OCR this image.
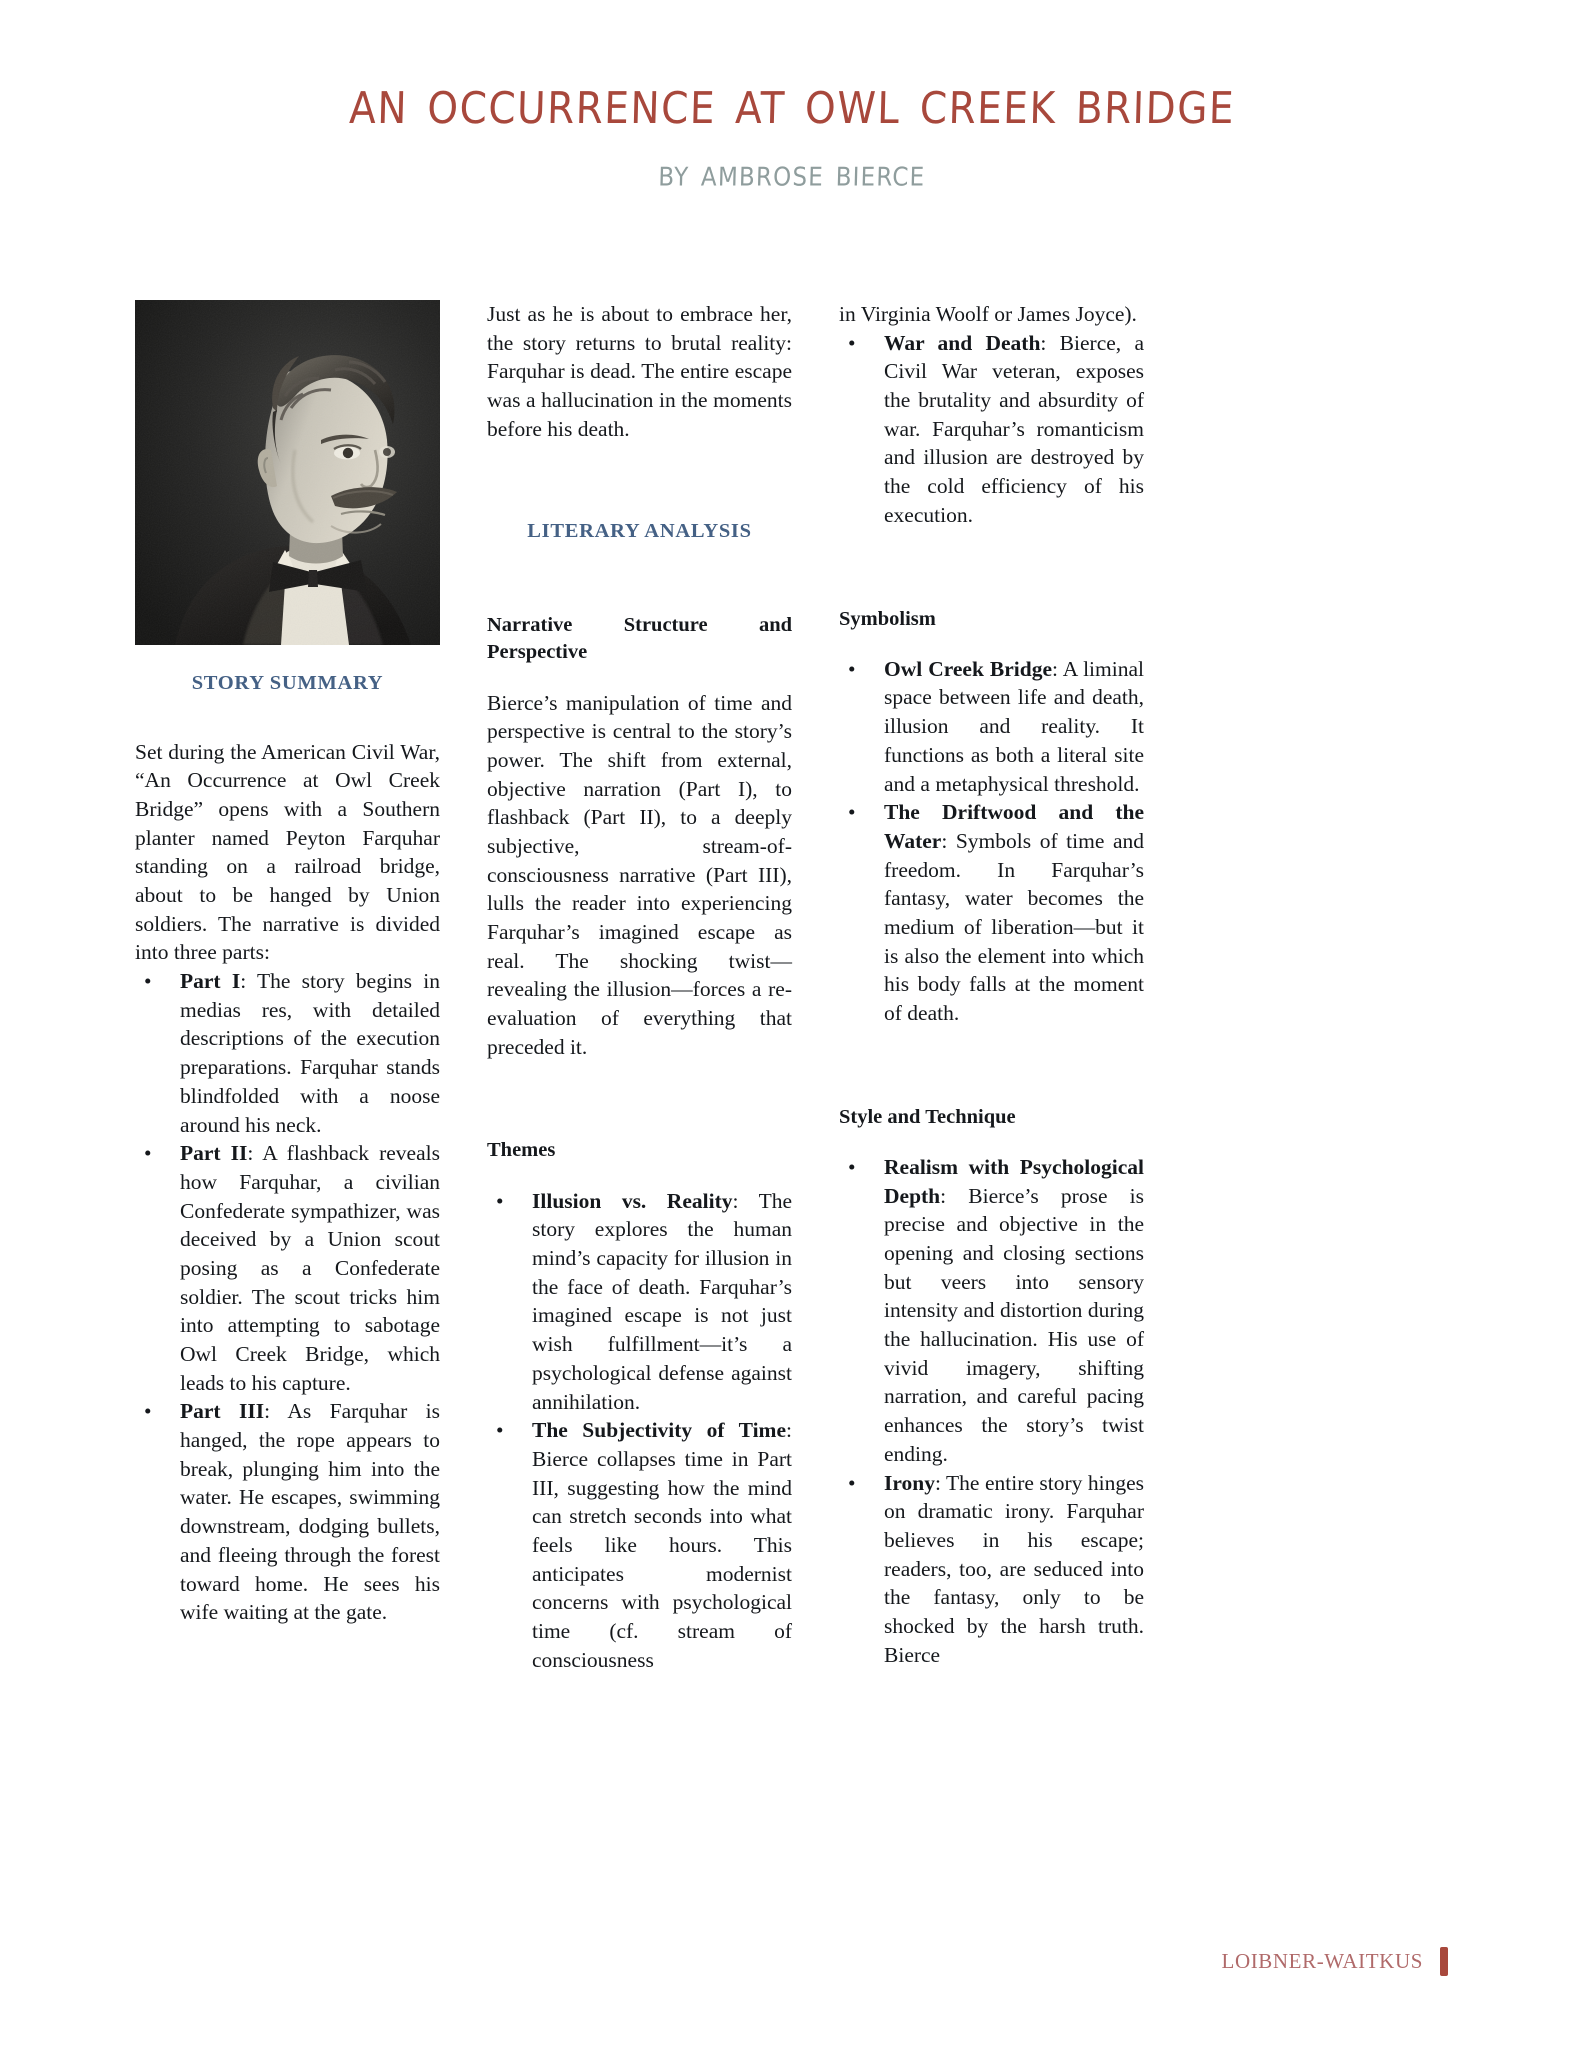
an occurrence at owl creek bridge
by ambrose bierce
STORY SUMMARY

Set during the American Civil War, “An Occurrence at Owl Creek Bridge” opens with a Southern planter named Peyton Farquhar standing on a railroad bridge, about to be hanged by Union soldiers. The narrative is divided into three parts:

• Part I: The story begins in medias res, with detailed descriptions of the execution preparations. Farquhar stands blindfolded with a noose around his neck.
• Part II: A flashback reveals how Farquhar, a civilian Confederate sympathizer, was deceived by a Union scout posing as a Confederate soldier. The scout tricks him into attempting to sabotage Owl Creek Bridge, which leads to his capture.
• Part III: As Farquhar is hanged, the rope appears to break, plunging him into the water. He escapes, swimming downstream, dodging bullets, and fleeing through the forest toward home. He sees his wife waiting at the gate.

Just as he is about to embrace her, the story returns to brutal reality: Farquhar is dead. The entire escape was a hallucination in the moments before his death.

LITERARY ANALYSIS
Narrative Structure and Perspective

Bierce’s manipulation of time and perspective is central to the story’s power. The shift from external, objective narration (Part I), to flashback (Part II), to a deeply subjective, stream-of-consciousness narrative (Part III), lulls the reader into experiencing Farquhar’s imagined escape as real. The shocking twist—revealing the illusion—forces a re-evaluation of everything that preceded it.

Themes
• Illusion vs. Reality: The story explores the human mind’s capacity for illusion in the face of death. Farquhar’s imagined escape is not just wish fulfillment—it’s a psychological defense against annihilation.
• The Subjectivity of Time: Bierce collapses time in Part III, suggesting how the mind can stretch seconds into what feels like hours. This anticipates modernist concerns with psychological time (cf. stream of consciousness

in Virginia Woolf or James Joyce).

• War and Death: Bierce, a Civil War veteran, exposes the brutality and absurdity of war. Farquhar’s romanticism and illusion are destroyed by the cold efficiency of his execution.
Symbolism
• Owl Creek Bridge: A liminal space between life and death, illusion and reality. It functions as both a literal site and a metaphysical threshold.
• The Driftwood and the Water: Symbols of time and freedom. In Farquhar’s fantasy, water becomes the medium of liberation—but it is also the element into which his body falls at the moment of death.
Style and Technique
• Realism with Psychological Depth: Bierce’s prose is precise and objective in the opening and closing sections but veers into sensory intensity and distortion during the hallucination. His use of vivid imagery, shifting narration, and careful pacing enhances the story’s twist ending.
• Irony: The entire story hinges on dramatic irony. Farquhar believes in his escape; readers, too, are seduced into the fantasy, only to be shocked by the harsh truth. Bierce
LOIBNER-WAITKUS
